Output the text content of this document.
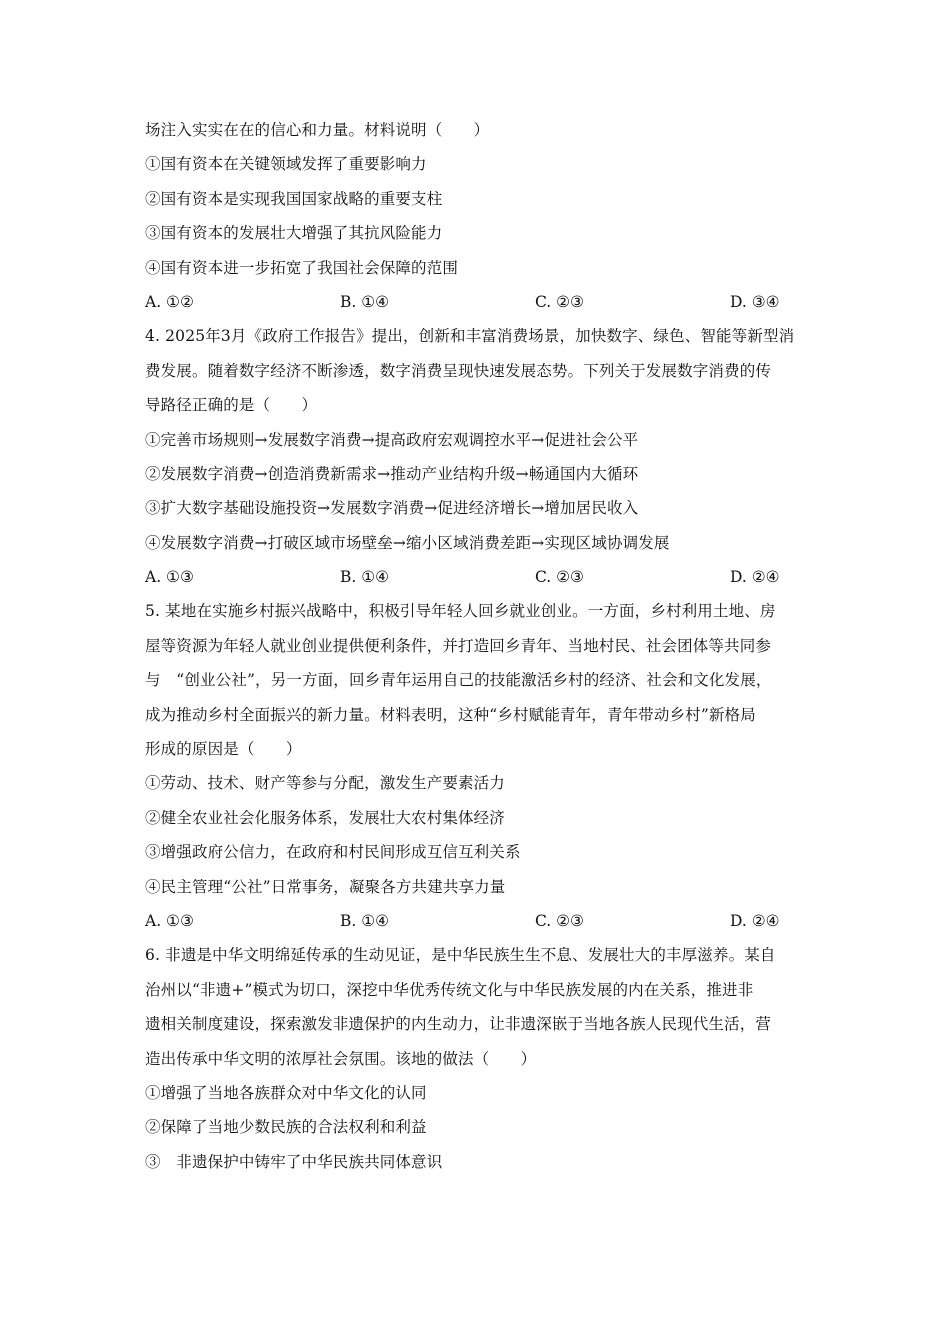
场注入实实在在的信心和力量。材料说明（　　）
①国有资本在关键领域发挥了重要影响力
②国有资本是实现我国国家战略的重要支柱
③国有资本的发展壮大增强了其抗风险能力
④国有资本进一步拓宽了我国社会保障的范围
A. ①②	B. ①④	C. ②③	D. ③④
4. 2025年3月《政府工作报告》提出，创新和丰富消费场景，加快数字、绿色、智能等新型消
费发展。随着数字经济不断渗透，数字消费呈现快速发展态势。下列关于发展数字消费的传
导路径正确的是（　　）
①完善市场规则→发展数字消费→提高政府宏观调控水平→促进社会公平
②发展数字消费→创造消费新需求→推动产业结构升级→畅通国内大循环
③扩大数字基础设施投资→发展数字消费→促进经济增长→增加居民收入
④发展数字消费→打破区域市场壁垒→缩小区域消费差距→实现区域协调发展
A. ①③	B. ①④	C. ②③	D. ②④
5. 某地在实施乡村振兴战略中，积极引导年轻人回乡就业创业。一方面，乡村利用土地、房
屋等资源为年轻人就业创业提供便利条件，并打造回乡青年、当地村民、社会团体等共同参
与　“创业公社”，另一方面，回乡青年运用自己的技能激活乡村的经济、社会和文化发展，
成为推动乡村全面振兴的新力量。材料表明，这种“乡村赋能青年，青年带动乡村”新格局
形成的原因是（　　）
①劳动、技术、财产等参与分配，激发生产要素活力
②健全农业社会化服务体系，发展壮大农村集体经济
③增强政府公信力，在政府和村民间形成互信互利关系
④民主管理“公社”日常事务，凝聚各方共建共享力量
A. ①③	B. ①④	C. ②③	D. ②④
6. 非遗是中华文明绵延传承的生动见证，是中华民族生生不息、发展壮大的丰厚滋养。某自
治州以“非遗+”模式为切口，深挖中华优秀传统文化与中华民族发展的内在关系，推进非
遗相关制度建设，探索激发非遗保护的内生动力，让非遗深嵌于当地各族人民现代生活，营
造出传承中华文明的浓厚社会氛围。该地的做法（　　）
①增强了当地各族群众对中华文化的认同
②保障了当地少数民族的合法权利和利益
③　非遗保护中铸牢了中华民族共同体意识
